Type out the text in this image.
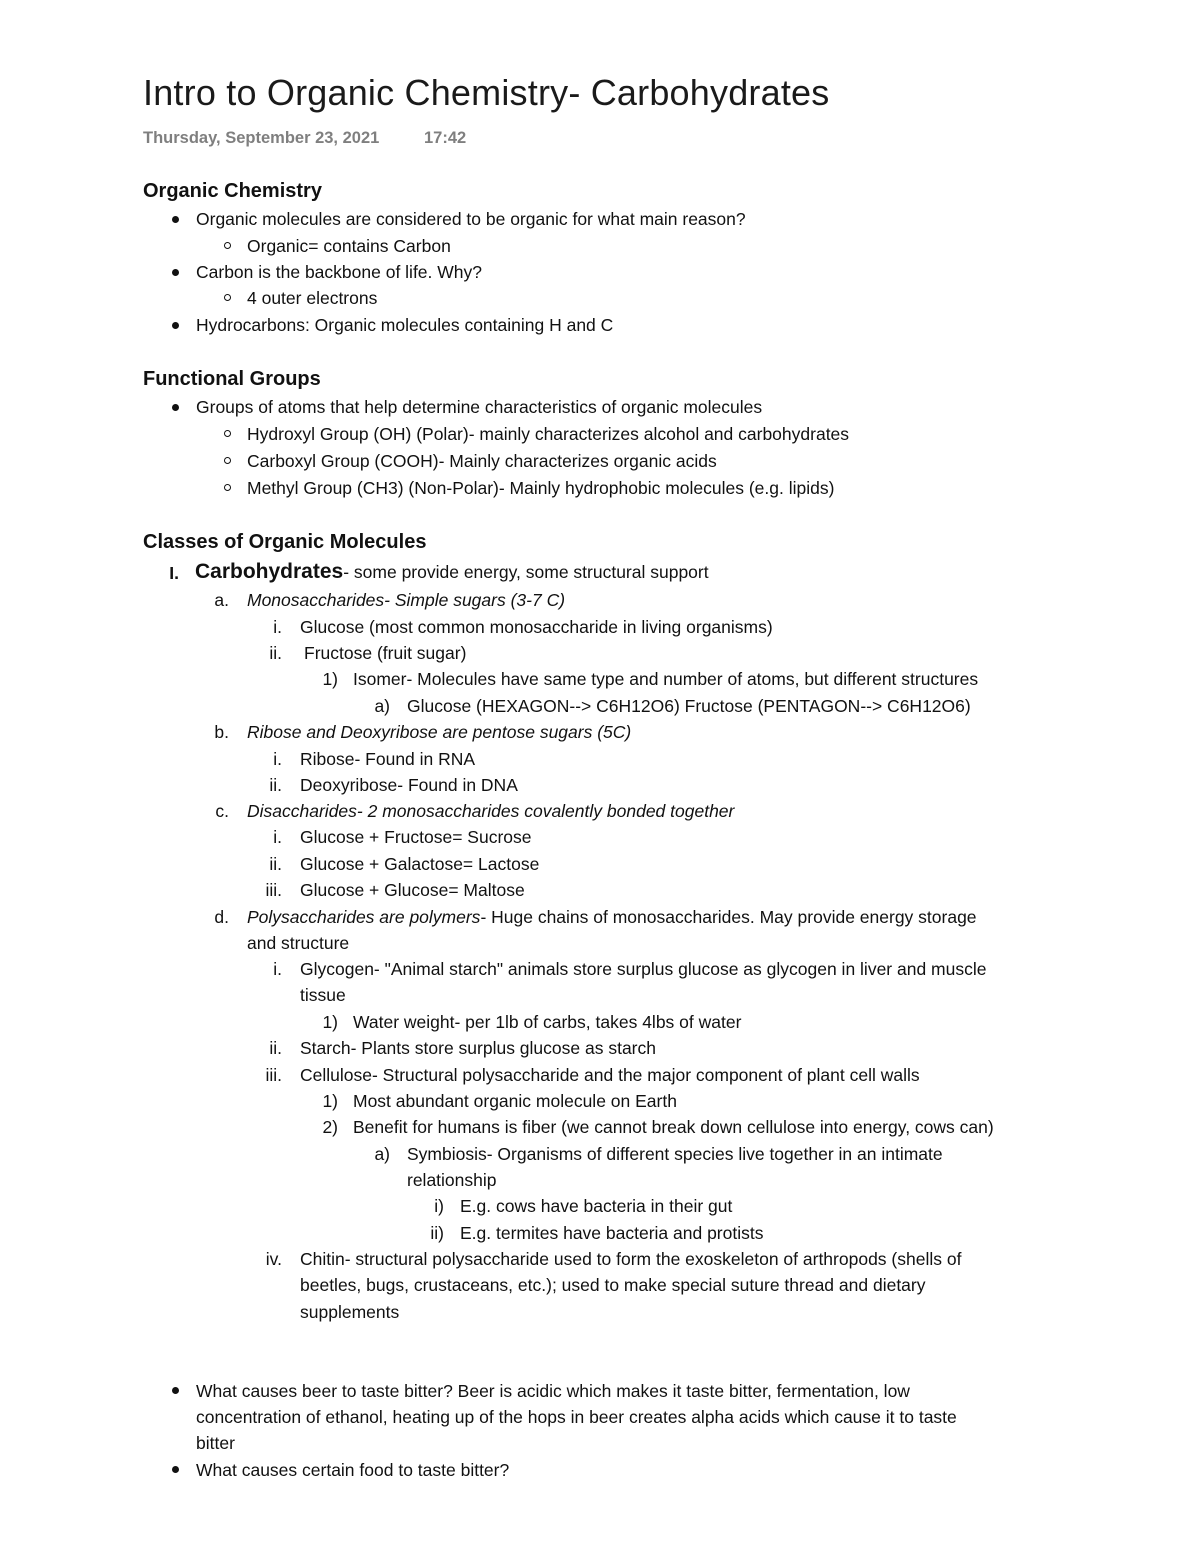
Intro to Organic Chemistry- Carbohydrates
Thursday, September 23, 2021	17:42
Organic Chemistry
Organic molecules are considered to be organic for what main reason?
Organic= contains Carbon
Carbon is the backbone of life. Why?
4 outer electrons
Hydrocarbons: Organic molecules containing H and C
Functional Groups
Groups of atoms that help determine characteristics of organic molecules
Hydroxyl Group (OH) (Polar)- mainly characterizes alcohol and carbohydrates
Carboxyl Group (COOH)- Mainly characterizes organic acids
Methyl Group (CH3) (Non-Polar)- Mainly hydrophobic molecules (e.g. lipids)
Classes of Organic Molecules
I. Carbohydrates- some provide energy, some structural support
a. Monosaccharides- Simple sugars (3-7 C)
i. Glucose (most common monosaccharide in living organisms)
ii. Fructose (fruit sugar)
1) Isomer- Molecules have same type and number of atoms, but different structures
a) Glucose (HEXAGON--> C6H12O6) Fructose (PENTAGON--> C6H12O6)
b. Ribose and Deoxyribose are pentose sugars (5C)
i. Ribose- Found in RNA
ii. Deoxyribose- Found in DNA
c. Disaccharides- 2 monosaccharides covalently bonded together
i. Glucose + Fructose= Sucrose
ii. Glucose + Galactose= Lactose
iii. Glucose + Glucose= Maltose
d. Polysaccharides are polymers- Huge chains of monosaccharides. May provide energy storage
and structure
i. Glycogen- "Animal starch" animals store surplus glucose as glycogen in liver and muscle
tissue
1) Water weight- per 1lb of carbs, takes 4lbs of water
ii. Starch- Plants store surplus glucose as starch
iii. Cellulose- Structural polysaccharide and the major component of plant cell walls
1) Most abundant organic molecule on Earth
2) Benefit for humans is fiber (we cannot break down cellulose into energy, cows can)
a) Symbiosis- Organisms of different species live together in an intimate
relationship
i) E.g. cows have bacteria in their gut
ii) E.g. termites have bacteria and protists
iv. Chitin- structural polysaccharide used to form the exoskeleton of arthropods (shells of
beetles, bugs, crustaceans, etc.); used to make special suture thread and dietary
supplements
What causes beer to taste bitter? Beer is acidic which makes it taste bitter, fermentation, low
concentration of ethanol, heating up of the hops in beer creates alpha acids which cause it to taste
bitter
What causes certain food to taste bitter?
